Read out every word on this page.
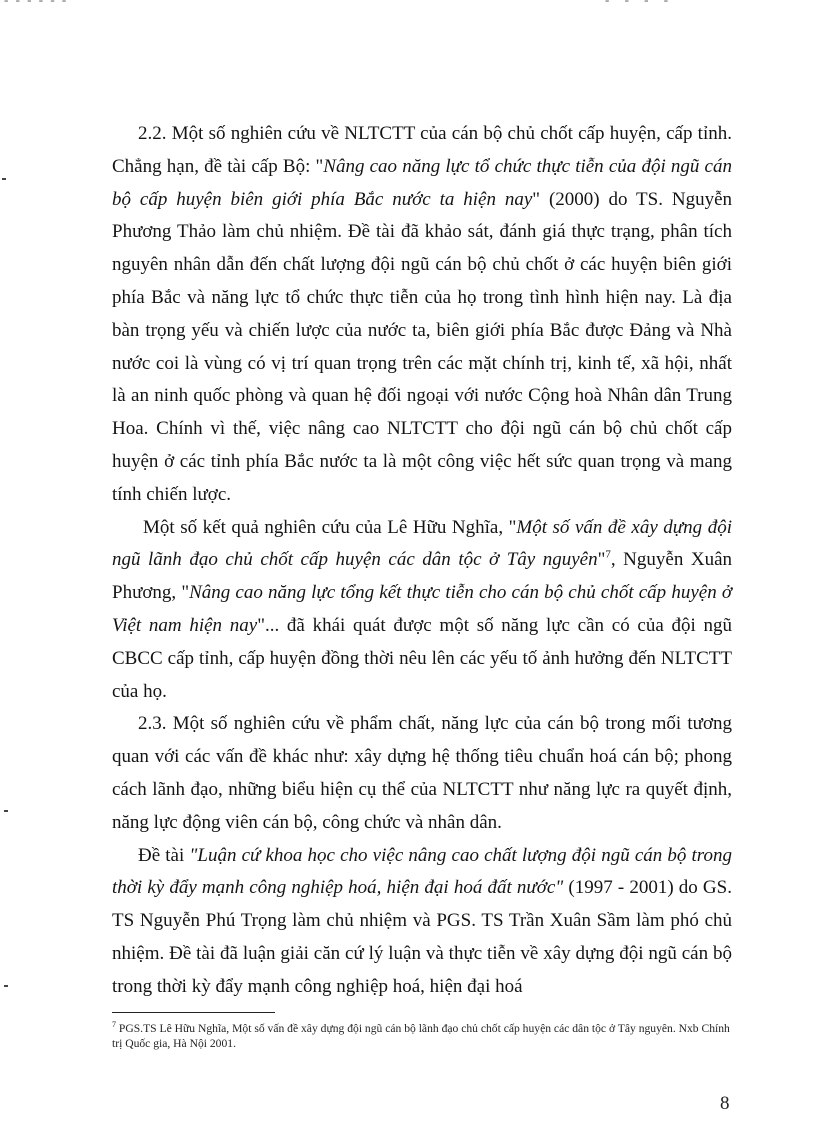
2.2. Một số nghiên cứu về NLTCTT của cán bộ chủ chốt cấp huyện, cấp tỉnh. Chẳng hạn, đề tài cấp Bộ: "Nâng cao năng lực tổ chức thực tiễn của đội ngũ cán bộ cấp huyện biên giới phía Bắc nước ta hiện nay" (2000) do TS. Nguyễn Phương Thảo làm chủ nhiệm. Đề tài đã khảo sát, đánh giá thực trạng, phân tích nguyên nhân dẫn đến chất lượng đội ngũ cán bộ chủ chốt ở các huyện biên giới phía Bắc và năng lực tổ chức thực tiễn của họ trong tình hình hiện nay. Là địa bàn trọng yếu và chiến lược của nước ta, biên giới phía Bắc được Đảng và Nhà nước coi là vùng có vị trí quan trọng trên các mặt chính trị, kinh tế, xã hội, nhất là an ninh quốc phòng và quan hệ đối ngoại với nước Cộng hoà Nhân dân Trung Hoa. Chính vì thế, việc nâng cao NLTCTT cho đội ngũ cán bộ chủ chốt cấp huyện ở các tỉnh phía Bắc nước ta là một công việc hết sức quan trọng và mang tính chiến lược.

Một số kết quả nghiên cứu của Lê Hữu Nghĩa, "Một số vấn đề xây dựng đội ngũ lãnh đạo chủ chốt cấp huyện các dân tộc ở Tây nguyên"$^7$, Nguyễn Xuân Phương, "Nâng cao năng lực tổng kết thực tiễn cho cán bộ chủ chốt cấp huyện ở Việt nam hiện nay"... đã khái quát được một số năng lực cần có của đội ngũ CBCC cấp tỉnh, cấp huyện đồng thời nêu lên các yếu tố ảnh hưởng đến NLTCTT của họ.

2.3. Một số nghiên cứu về phẩm chất, năng lực của cán bộ trong mối tương quan với các vấn đề khác như: xây dựng hệ thống tiêu chuẩn hoá cán bộ; phong cách lãnh đạo, những biểu hiện cụ thể của NLTCTT như năng lực ra quyết định, năng lực động viên cán bộ, công chức và nhân dân.

Đề tài "Luận cứ khoa học cho việc nâng cao chất lượng đội ngũ cán bộ trong thời kỳ đẩy mạnh công nghiệp hoá, hiện đại hoá đất nước" (1997 - 2001) do GS. TS Nguyễn Phú Trọng làm chủ nhiệm và PGS. TS Trần Xuân Sầm làm phó chủ nhiệm. Đề tài đã luận giải căn cứ lý luận và thực tiễn về xây dựng đội ngũ cán bộ trong thời kỳ đẩy mạnh công nghiệp hoá, hiện đại hoá

$^7$ PGS.TS Lê Hữu Nghĩa, Một số vấn đề xây dựng đội ngũ cán bộ lãnh đạo chủ chốt cấp huyện các dân tộc ở Tây nguyên. Nxb Chính trị Quốc gia, Hà Nội 2001.
8
